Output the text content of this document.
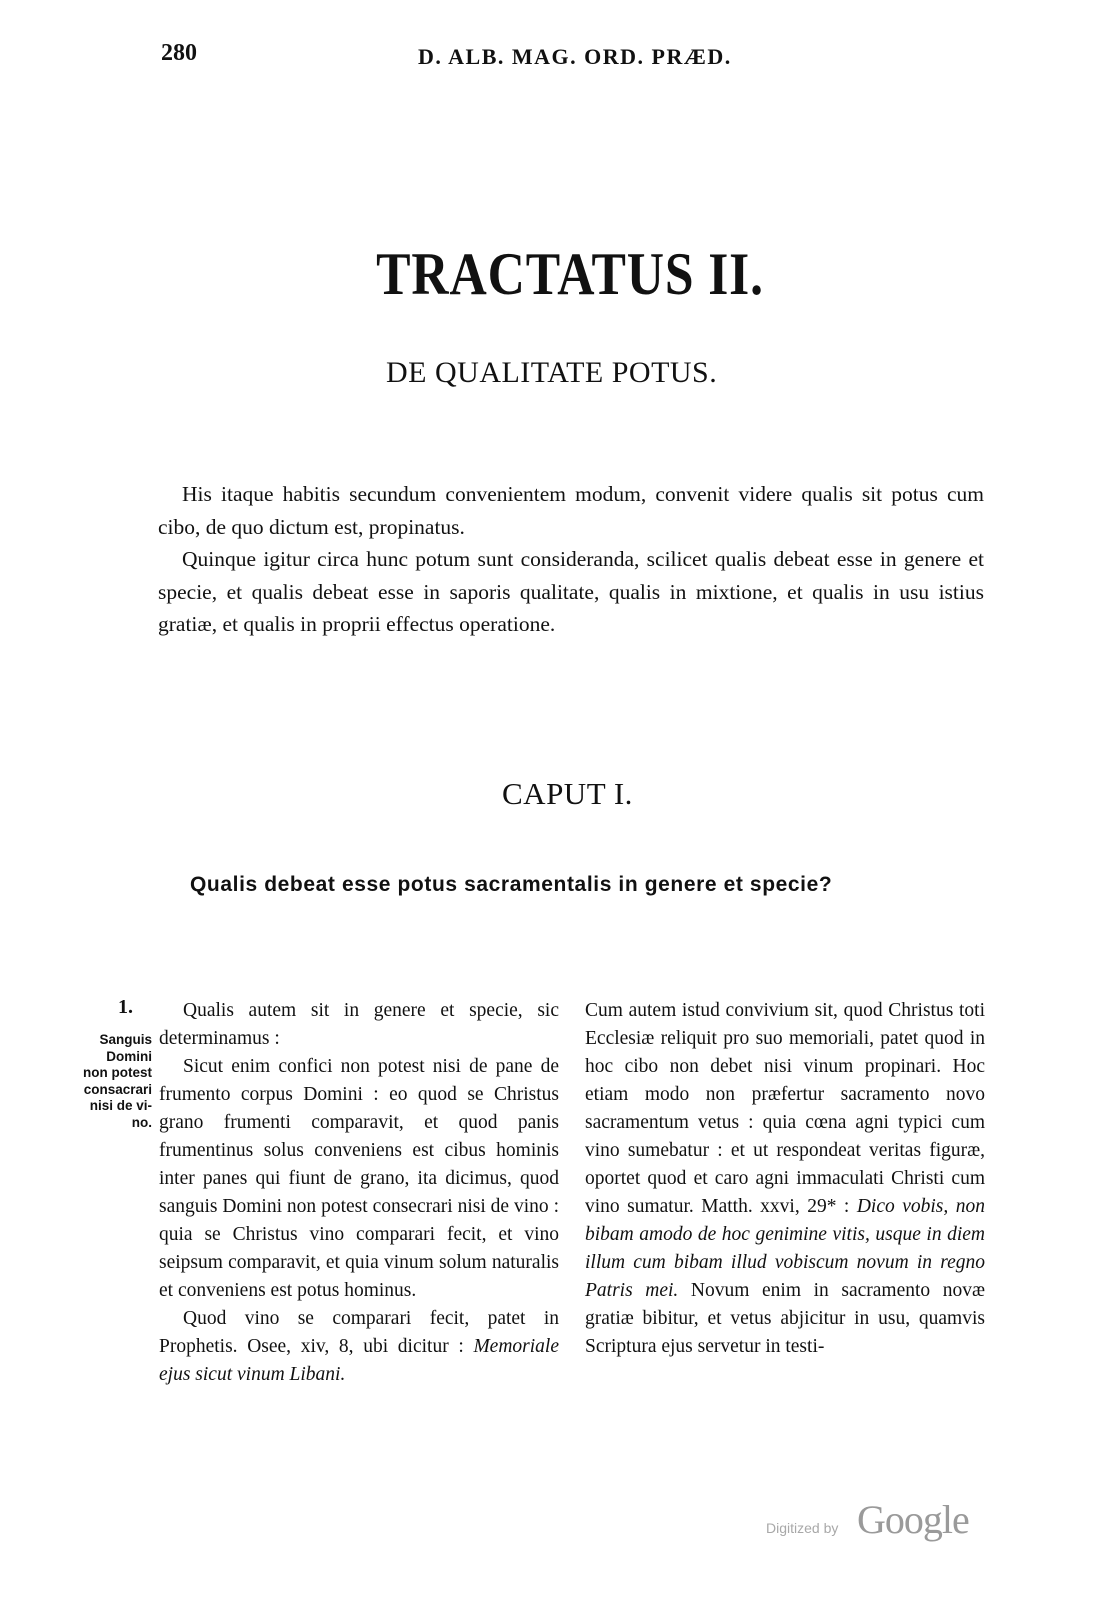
280	D. ALB. MAG. ORD. PRÆD.
TRACTATUS II.
DE QUALITATE POTUS.

His itaque habitis secundum convenientem modum, convenit videre qualis sit potus cum cibo, de quo dictum est, propinatus.

Quinque igitur circa hunc potum sunt consideranda, scilicet qualis debeat esse in genere et specie, et qualis debeat esse in saporis qualitate, qualis in mixtione, et qualis in usu istius gratiæ, et qualis in proprii effectus operatione.

CAPUT I.
Qualis debeat esse potus sacramentalis in genere et specie?
1.
Sanguis
Domini
non potest
consacrari
nisi de vi-
no.

Qualis autem sit in genere et specie, sic determinamus :

Sicut enim confici non potest nisi de pane de frumento corpus Domini : eo quod se Christus grano frumenti comparavit, et quod panis frumentinus solus conveniens est cibus hominis inter panes qui fiunt de grano, ita dicimus, quod sanguis Domini non potest consecrari nisi de vino : quia se Christus vino comparari fecit, et vino seipsum comparavit, et quia vinum solum naturalis et conveniens est potus hominus.

Quod vino se comparari fecit, patet in Prophetis. Osee, xiv, 8, ubi dicitur : Memoriale ejus sicut vinum Libani.

Cum autem istud convivium sit, quod Christus toti Ecclesiæ reliquit pro suo memoriali, patet quod in hoc cibo non debet nisi vinum propinari. Hoc etiam modo non præfertur sacramento novo sacramentum vetus : quia cœna agni typici cum vino sumebatur : et ut respondeat veritas figuræ, oportet quod et caro agni immaculati Christi cum vino sumatur. Matth. xxvi, 29* : Dico vobis, non bibam amodo de hoc genimine vitis, usque in diem illum cum bibam illud vobiscum novum in regno Patris mei. Novum enim in sacramento novæ gratiæ bibitur, et vetus abjicitur in usu, quamvis Scriptura ejus servetur in testi-

Digitized by Google
